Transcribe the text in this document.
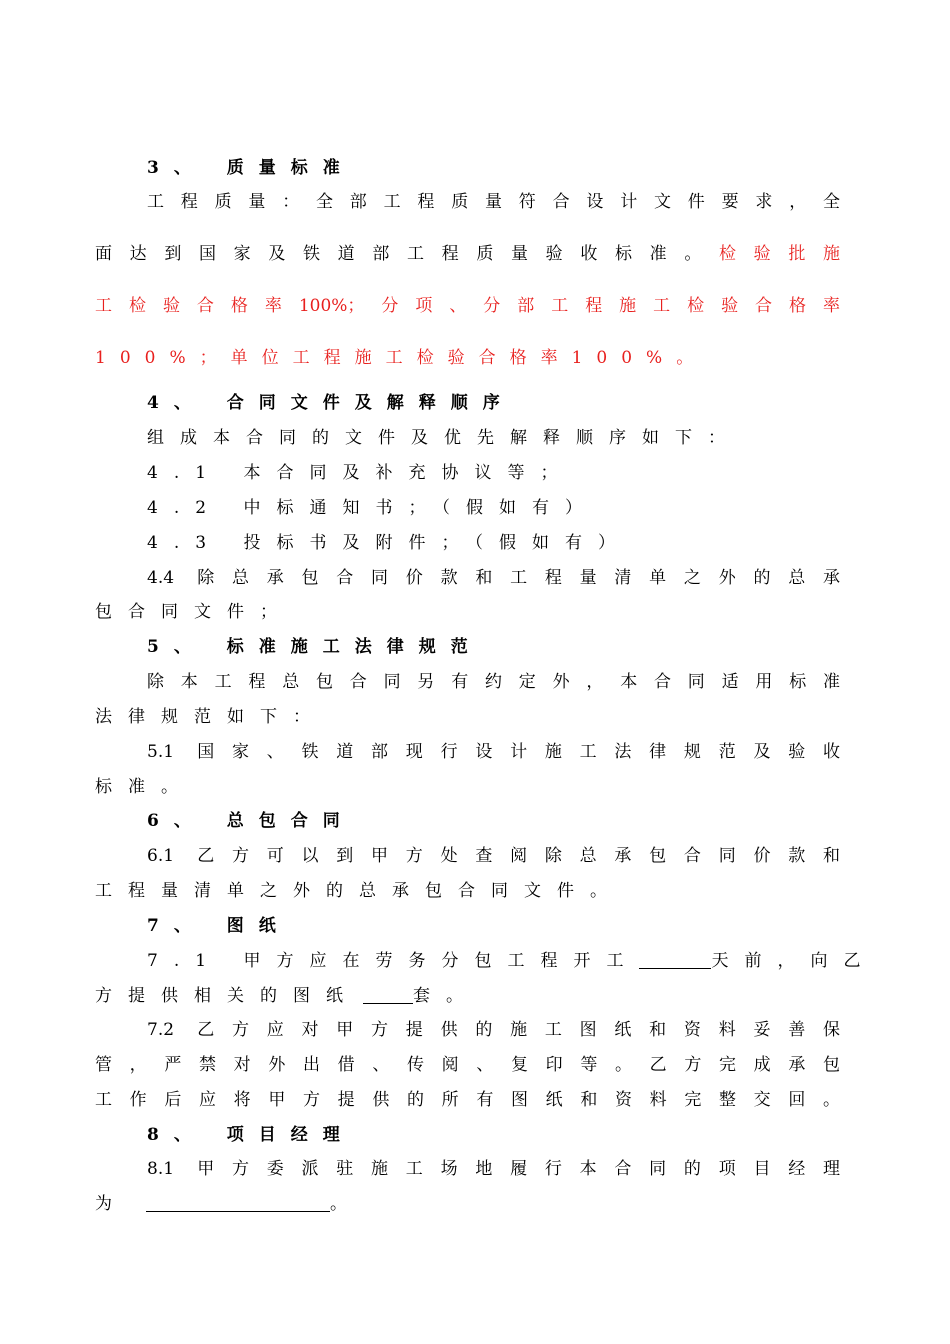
3、 质量标准
工程质量：全部工程质量符合设计文件要求，全
面达到国家及铁道部工程质量验收标准。检验批施
工检验合格率100%；分项、分部工程施工检验合格率
100%；单位工程施工检验合格率100%。
4、 合同文件及解释顺序
组成本合同的文件及优先解释顺序如下：
4.1 本合同及补充协议等；
4.2 中标通知书；（假如有）
4.3 投标书及附件；（假如有）
4.4 除总承包合同价款和工程量清单之外的总承
包合同文件；
5、 标准施工法律规范
除本工程总包合同另有约定外，本合同适用标准
法律规范如下：
5.1 国家、铁道部现行设计施工法律规范及验收
标准。
6、 总包合同
6.1 乙方可以到甲方处查阅除总承包合同价款和
工程量清单之外的总承包合同文件。
7、 图纸
7.1 甲方应在劳务分包工程开工	天前，向乙
方提供相关的图纸	套。
7.2 乙方应对甲方提供的施工图纸和资料妥善保
管，严禁对外出借、传阅、复印等。乙方完成承包
工作后应将甲方提供的所有图纸和资料完整交回。
8、 项目经理
8.1 甲方委派驻施工场地履行本合同的项目经理
为	。
